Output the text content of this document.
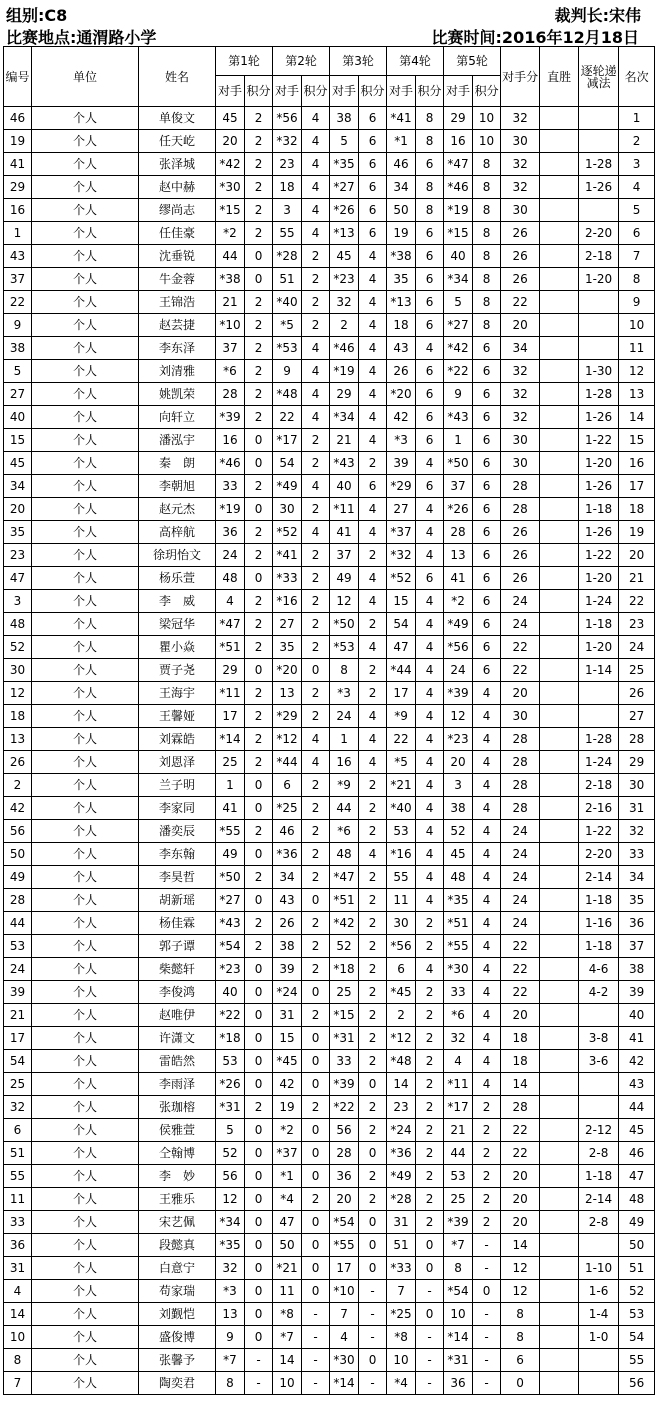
组别:C8	裁判长:宋伟
比赛地点:通渭路小学	比赛时间:2016年12月18日
编号	单位	姓名	第1轮		第2轮		第3轮		第4轮		第5轮		对手分	直胜	逐轮递减法	名次
			对手	积分	对手	积分	对手	积分	对手	积分	对手	积分				
46	个人	单俊文	45	2	*56	4	38	6	*41	8	29	10	32			1
19	个人	任天屹	20	2	*32	4	5	6	*1	8	16	10	30			2
41	个人	张泽城	*42	2	23	4	*35	6	46	6	*47	8	32		1-28	3
29	个人	赵中赫	*30	2	18	4	*27	6	34	8	*46	8	32		1-26	4
16	个人	缪尚志	*15	2	3	4	*26	6	50	8	*19	8	30			5
1	个人	任佳豪	*2	2	55	4	*13	6	19	6	*15	8	26		2-20	6
43	个人	沈垂锐	44	0	*28	2	45	4	*38	6	40	8	26		2-18	7
37	个人	牛金蓉	*38	0	51	2	*23	4	35	6	*34	8	26		1-20	8
22	个人	王锦浩	21	2	*40	2	32	4	*13	6	5	8	22			9
9	个人	赵芸捷	*10	2	*5	2	2	4	18	6	*27	8	20			10
38	个人	李东泽	37	2	*53	4	*46	4	43	4	*42	6	34			11
5	个人	刘清雅	*6	2	9	4	*19	4	26	6	*22	6	32		1-30	12
27	个人	姚凯荣	28	2	*48	4	29	4	*20	6	9	6	32		1-28	13
40	个人	向轩立	*39	2	22	4	*34	4	42	6	*43	6	32		1-26	14
15	个人	潘泓宇	16	0	*17	2	21	4	*3	6	1	6	30		1-22	15
45	个人	秦　朗	*46	0	54	2	*43	2	39	4	*50	6	30		1-20	16
34	个人	李朝旭	33	2	*49	4	40	6	*29	6	37	6	28		1-26	17
20	个人	赵元杰	*19	0	30	2	*11	4	27	4	*26	6	28		1-18	18
35	个人	高梓航	36	2	*52	4	41	4	*37	4	28	6	26		1-26	19
23	个人	徐玥怡文	24	2	*41	2	37	2	*32	4	13	6	26		1-22	20
47	个人	杨乐萱	48	0	*33	2	49	4	*52	6	41	6	26		1-20	21
3	个人	李　威	4	2	*16	2	12	4	15	4	*2	6	24		1-24	22
48	个人	梁冠华	*47	2	27	2	*50	2	54	4	*49	6	24		1-18	23
52	个人	瞿小焱	*51	2	35	2	*53	4	47	4	*56	6	22		1-20	24
30	个人	贾子尧	29	0	*20	0	8	2	*44	4	24	6	22		1-14	25
12	个人	王海宇	*11	2	13	2	*3	2	17	4	*39	4	20			26
18	个人	王馨娅	17	2	*29	2	24	4	*9	4	12	4	30			27
13	个人	刘霖皓	*14	2	*12	4	1	4	22	4	*23	4	28		1-28	28
26	个人	刘恩泽	25	2	*44	4	16	4	*5	4	20	4	28		1-24	29
2	个人	兰子明	1	0	6	2	*9	2	*21	4	3	4	28		2-18	30
42	个人	李家同	41	0	*25	2	44	2	*40	4	38	4	28		2-16	31
56	个人	潘奕辰	*55	2	46	2	*6	2	53	4	52	4	24		1-22	32
50	个人	李东翰	49	0	*36	2	48	4	*16	4	45	4	24		2-20	33
49	个人	李昊哲	*50	2	34	2	*47	2	55	4	48	4	24		2-14	34
28	个人	胡新瑶	*27	0	43	0	*51	2	11	4	*35	4	24		1-18	35
44	个人	杨佳霖	*43	2	26	2	*42	2	30	2	*51	4	24		1-16	36
53	个人	郭子谭	*54	2	38	2	52	2	*56	2	*55	4	22		1-18	37
24	个人	柴懿轩	*23	0	39	2	*18	2	6	4	*30	4	22		4-6	38
39	个人	李俊鸿	40	0	*24	0	25	2	*45	2	33	4	22		4-2	39
21	个人	赵唯伊	*22	0	31	2	*15	2	2	2	*6	4	20			40
17	个人	许潇文	*18	0	15	0	*31	2	*12	2	32	4	18		3-8	41
54	个人	雷皓然	53	0	*45	0	33	2	*48	2	4	4	18		3-6	42
25	个人	李雨泽	*26	0	42	0	*39	0	14	2	*11	4	14			43
32	个人	张珈榕	*31	2	19	2	*22	2	23	2	*17	2	28			44
6	个人	侯雅萱	5	0	*2	0	56	2	*24	2	21	2	22		2-12	45
51	个人	仝翰博	52	0	*37	0	28	0	*36	2	44	2	22		2-8	46
55	个人	李　妙	56	0	*1	0	36	2	*49	2	53	2	20		1-18	47
11	个人	王雅乐	12	0	*4	2	20	2	*28	2	25	2	20		2-14	48
33	个人	宋艺佩	*34	0	47	0	*54	0	31	2	*39	2	20		2-8	49
36	个人	段懿真	*35	0	50	0	*55	0	51	0	*7	-	14			50
31	个人	白意宁	32	0	*21	0	17	0	*33	0	8	-	12		1-10	51
4	个人	苟家瑞	*3	0	11	0	*10	-	7	-	*54	0	12		1-6	52
14	个人	刘觐恺	13	0	*8	-	7	-	*25	0	10	-	8		1-4	53
10	个人	盛俊博	9	0	*7	-	4	-	*8	-	*14	-	8		1-0	54
8	个人	张馨予	*7	-	14	-	*30	0	10	-	*31	-	6			55
7	个人	陶奕君	8	-	10	-	*14	-	*4	-	36	-	0			56
